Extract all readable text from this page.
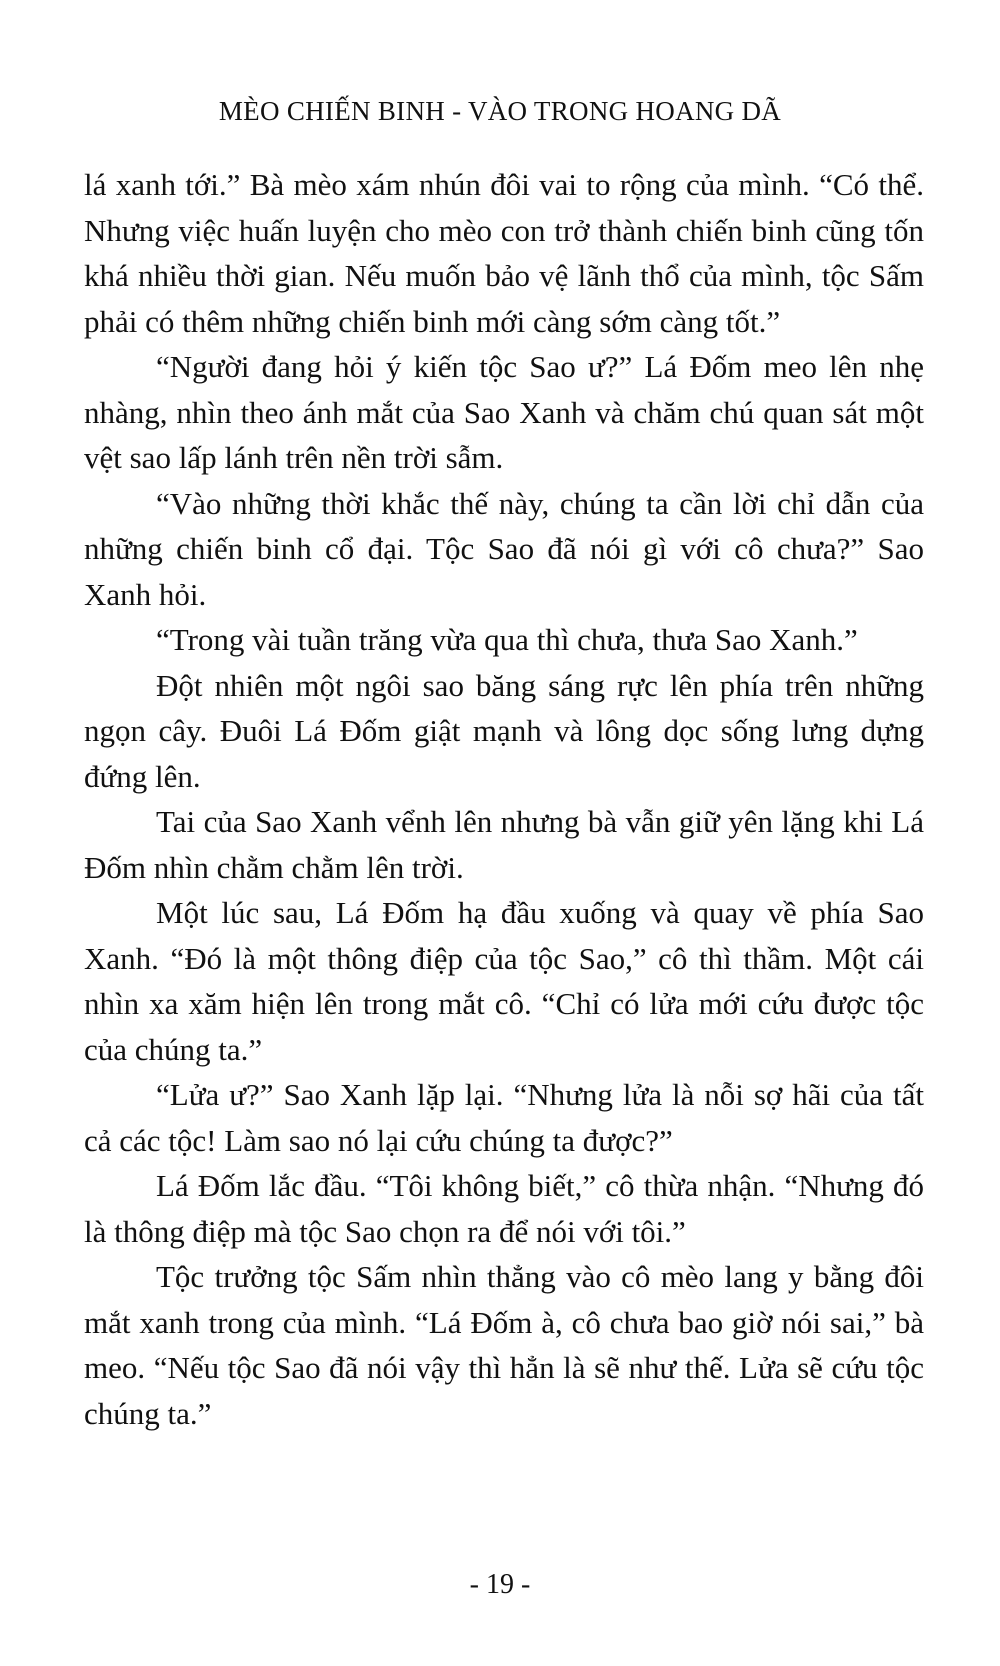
MÈO CHIẾN BINH - VÀO TRONG HOANG DÃ

lá xanh tới.” Bà mèo xám nhún đôi vai to rộng của mình. “Có thể. Nhưng việc huấn luyện cho mèo con trở thành chiến binh cũng tốn khá nhiều thời gian. Nếu muốn bảo vệ lãnh thổ của mình, tộc Sấm phải có thêm những chiến binh mới càng sớm càng tốt.”

“Người đang hỏi ý kiến tộc Sao ư?” Lá Đốm meo lên nhẹ nhàng, nhìn theo ánh mắt của Sao Xanh và chăm chú quan sát một vệt sao lấp lánh trên nền trời sẫm.

“Vào những thời khắc thế này, chúng ta cần lời chỉ dẫn của những chiến binh cổ đại. Tộc Sao đã nói gì với cô chưa?” Sao Xanh hỏi.

“Trong vài tuần trăng vừa qua thì chưa, thưa Sao Xanh.”

Đột nhiên một ngôi sao băng sáng rực lên phía trên những ngọn cây. Đuôi Lá Đốm giật mạnh và lông dọc sống lưng dựng đứng lên.

Tai của Sao Xanh vểnh lên nhưng bà vẫn giữ yên lặng khi Lá Đốm nhìn chằm chằm lên trời.

Một lúc sau, Lá Đốm hạ đầu xuống và quay về phía Sao Xanh. “Đó là một thông điệp của tộc Sao,” cô thì thầm. Một cái nhìn xa xăm hiện lên trong mắt cô. “Chỉ có lửa mới cứu được tộc của chúng ta.”

“Lửa ư?” Sao Xanh lặp lại. “Nhưng lửa là nỗi sợ hãi của tất cả các tộc! Làm sao nó lại cứu chúng ta được?”

Lá Đốm lắc đầu. “Tôi không biết,” cô thừa nhận. “Nhưng đó là thông điệp mà tộc Sao chọn ra để nói với tôi.”

Tộc trưởng tộc Sấm nhìn thẳng vào cô mèo lang y bằng đôi mắt xanh trong của mình. “Lá Đốm à, cô chưa bao giờ nói sai,” bà meo. “Nếu tộc Sao đã nói vậy thì hẳn là sẽ như thế. Lửa sẽ cứu tộc chúng ta.”

- 19 -
